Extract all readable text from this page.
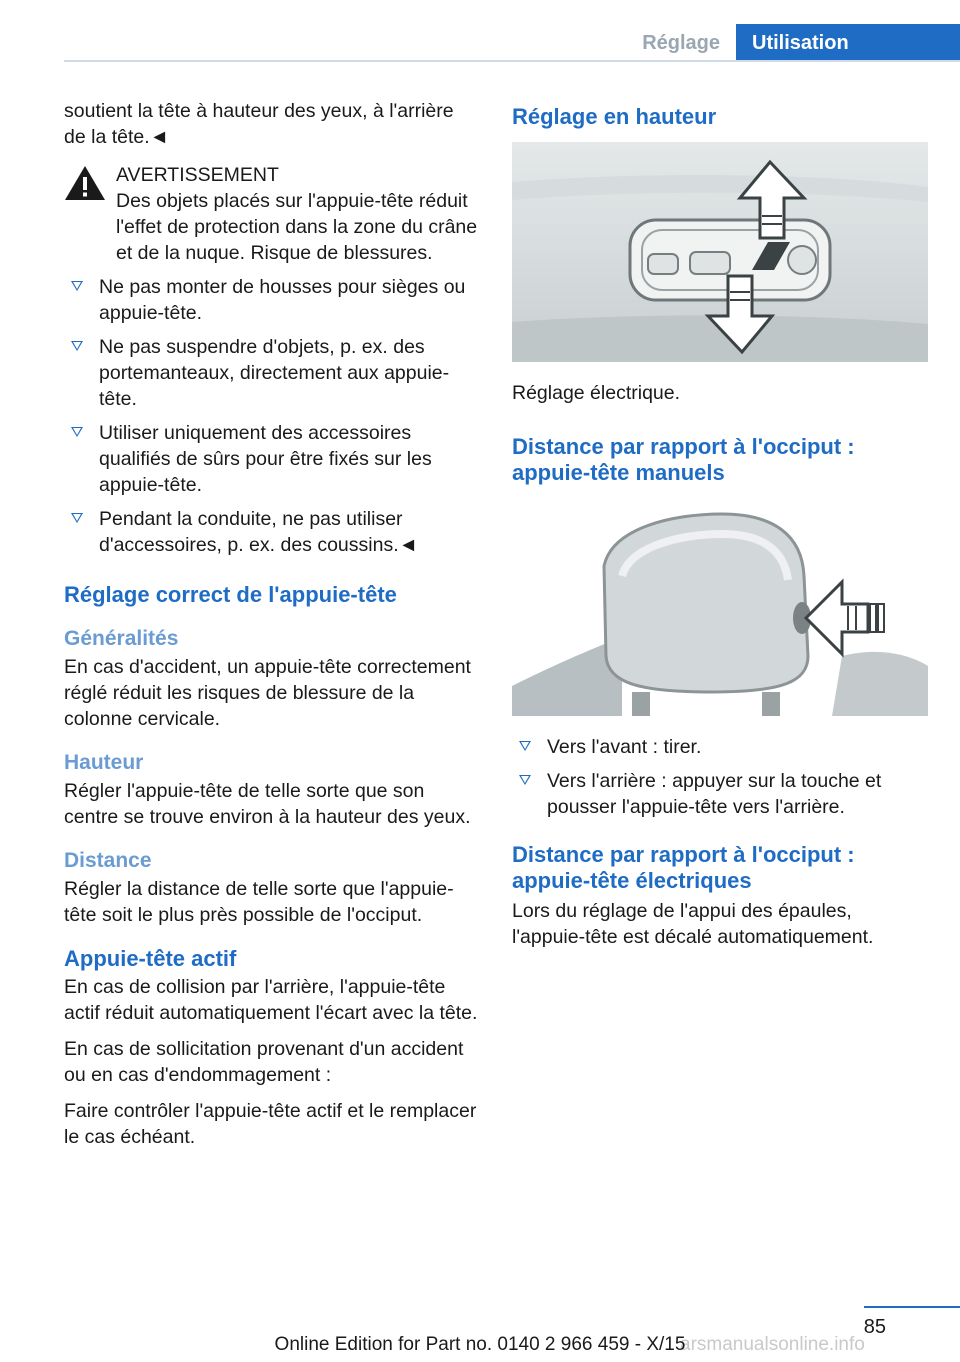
Réglage	Utilisation

soutient la tête à hauteur des yeux, à l'arrière de la tête.◄

AVERTISSEMENT
Des objets placés sur l'appuie-tête réduit l'effet de protection dans la zone du crâne et de la nuque. Risque de blessures.
Ne pas monter de housses pour sièges ou appuie-tête.
Ne pas suspendre d'objets, p. ex. des portemanteaux, directement aux appuie-tête.
Utiliser uniquement des accessoires qualifiés de sûrs pour être fixés sur les appuie-tête.
Pendant la conduite, ne pas utiliser d'accessoires, p. ex. des coussins.◄
Réglage correct de l'appuie-tête
Généralités

En cas d'accident, un appuie-tête correctement réglé réduit les risques de blessure de la colonne cervicale.

Hauteur

Régler l'appuie-tête de telle sorte que son centre se trouve environ à la hauteur des yeux.

Distance

Régler la distance de telle sorte que l'appuie-tête soit le plus près possible de l'occiput.

Appuie-tête actif

En cas de collision par l'arrière, l'appuie-tête actif réduit automatiquement l'écart avec la tête.

En cas de sollicitation provenant d'un accident ou en cas d'endommagement :

Faire contrôler l'appuie-tête actif et le remplacer le cas échéant.

Réglage en hauteur

Réglage électrique.

Distance par rapport à l'occiput : appuie-tête manuels
Vers l'avant : tirer.
Vers l'arrière : appuyer sur la touche et pousser l'appuie-tête vers l'arrière.
Distance par rapport à l'occiput : appuie-tête électriques

Lors du réglage de l'appui des épaules, l'appuie-tête est décalé automatiquement.

85
arsmanualsonline.info
Online Edition for Part no. 0140 2 966 459 - X/15
